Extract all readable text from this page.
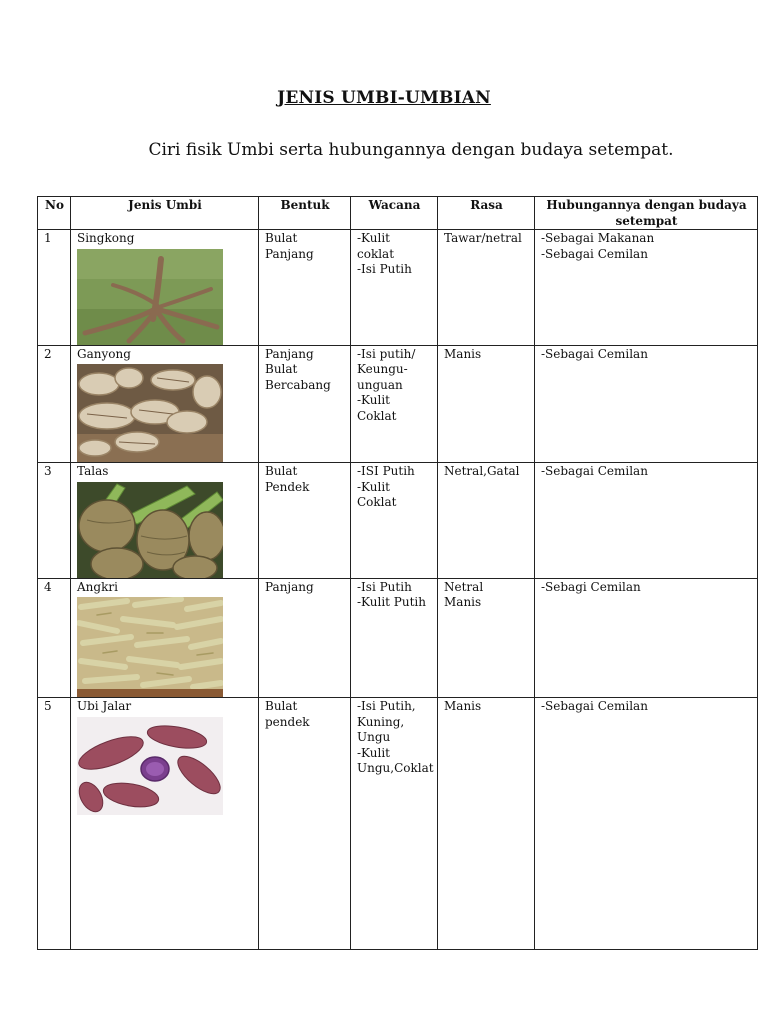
JENIS UMBI-UMBIAN
Ciri fisik Umbi serta hubungannya dengan budaya setempat.
No	Jenis Umbi	Bentuk	Wacana	Rasa	Hubungannya dengan budaya setempat
1	Singkong	Bulat
Panjang	-Kulit
coklat
-Isi Putih	Tawar/netral	-Sebagai Makanan
-Sebagai Cemilan

2	Ganyong	Panjang
Bulat
Bercabang	-Isi putih/
Keungu-
unguan
-Kulit
Coklat	Manis	-Sebagai Cemilan

3	Talas	Bulat
Pendek	-ISI Putih
-Kulit
Coklat	Netral,Gatal	-Sebagai Cemilan

4	Angkri	Panjang	-Isi Putih
-Kulit Putih	Netral
Manis	-Sebagi Cemilan

5	Ubi Jalar	Bulat
pendek	-Isi Putih,
Kuning,
Ungu
-Kulit
Ungu,Coklat	Manis	-Sebagai Cemilan
